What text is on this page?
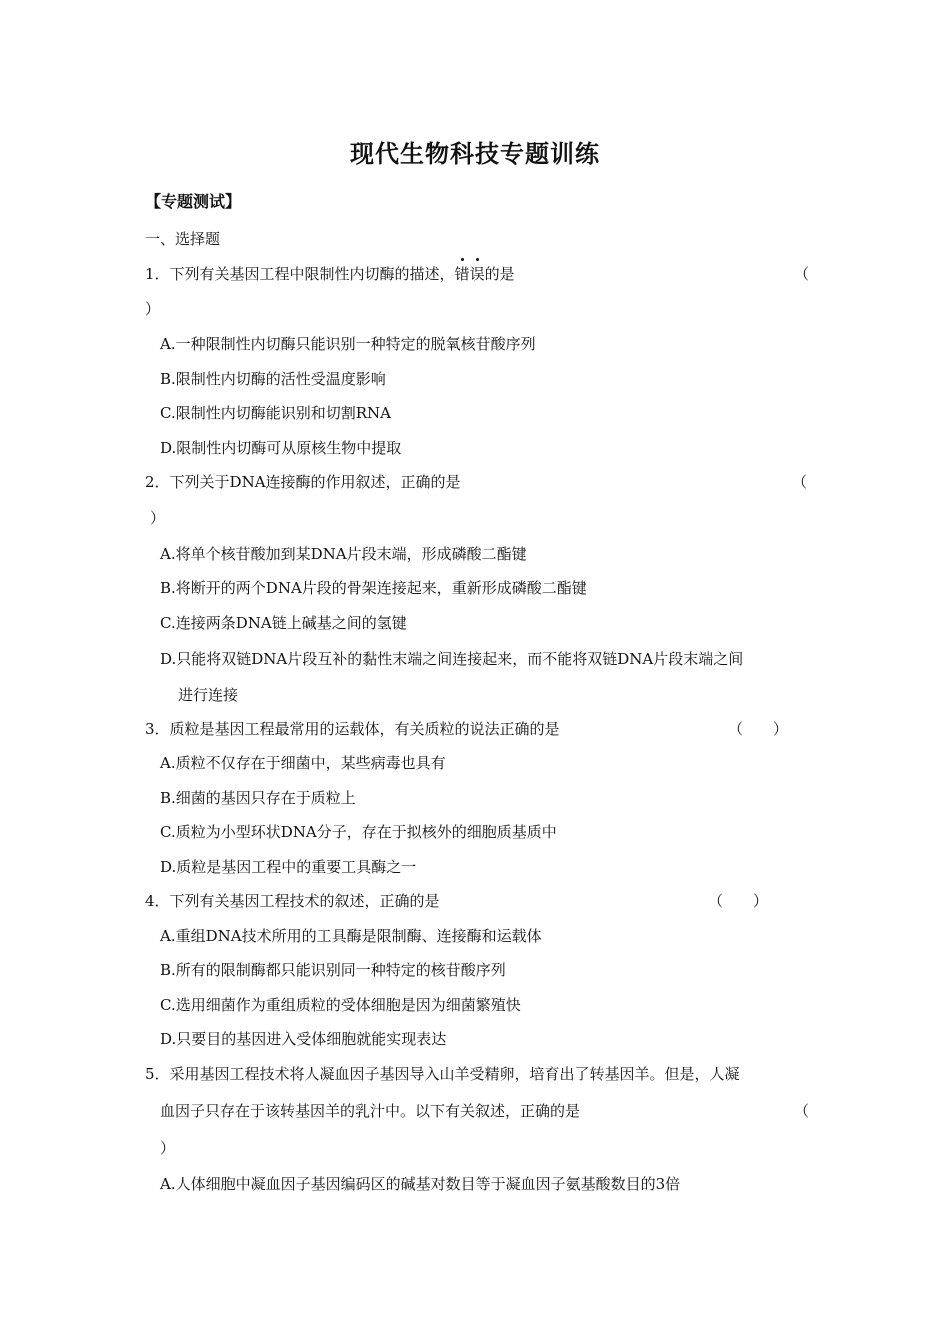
现代生物科技专题训练
【专题测试】
一、选择题
1．下列有关基因工程中限制性内切酶的描述，错误的是	（
）
A.一种限制性内切酶只能识别一种特定的脱氧核苷酸序列
B.限制性内切酶的活性受温度影响
C.限制性内切酶能识别和切割RNA
D.限制性内切酶可从原核生物中提取
2．下列关于DNA连接酶的作用叙述，正确的是	（
）
A.将单个核苷酸加到某DNA片段末端，形成磷酸二酯键
B.将断开的两个DNA片段的骨架连接起来，重新形成磷酸二酯键
C.连接两条DNA链上碱基之间的氢键
D.只能将双链DNA片段互补的黏性末端之间连接起来，而不能将双链DNA片段末端之间
进行连接
3．质粒是基因工程最常用的运载体，有关质粒的说法正确的是	（　　）
A.质粒不仅存在于细菌中，某些病毒也具有
B.细菌的基因只存在于质粒上
C.质粒为小型环状DNA分子，存在于拟核外的细胞质基质中
D.质粒是基因工程中的重要工具酶之一
4．下列有关基因工程技术的叙述，正确的是	（　　）
A.重组DNA技术所用的工具酶是限制酶、连接酶和运载体
B.所有的限制酶都只能识别同一种特定的核苷酸序列
C.选用细菌作为重组质粒的受体细胞是因为细菌繁殖快
D.只要目的基因进入受体细胞就能实现表达
5．采用基因工程技术将人凝血因子基因导入山羊受精卵，培育出了转基因羊。但是，人凝
血因子只存在于该转基因羊的乳汁中。以下有关叙述，正确的是	（
）
A.人体细胞中凝血因子基因编码区的碱基对数目等于凝血因子氨基酸数目的3倍
